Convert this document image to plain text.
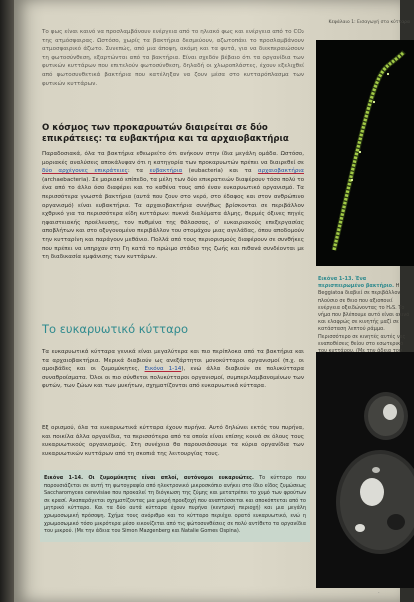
Κεφάλαιο 1: Εισαγωγή στα κύτταρα
Το φως είναι καινό να προσλαμβάνουν ενέργεια από το ηλιακό φως και ενέργεια από το CO₂ της ατμόσφαιρας. Ωστόσο, χωρίς τα βακτήρια δεσμεύουν, αζωτοπάει το προσλαμβάνουν ατμοσφαιρικό άζωτο. Συνεπώς, από μια άποψη, ακόμη και τα φυτά, για να διεκπεραιώσουν τη φωτοσύνθεση, εξαρτώνται από τα βακτήρια. Είναι σχεδόν βέβαιο ότι τα οργανίδια των φυτικών κυττάρων που επιτελούν φωτοσύνθεση, δηλαδή οι χλωροπλάστες, έχουν εξελιχθεί από φωτοσυνθετικά βακτήρια που κατέληξαν να ζουν μέσα στο κυτταρόπλασμα των φυτικών κυττάρων.
Ο κόσμος των προκαρυωτών διαιρείται σε δύο επικράτειες: τα ευβακτήρια και τα αρχαιοβακτήρια
Παραδοσιακά, όλα τα βακτήρια εθεωρείτο ότι ανήκουν στην ίδια μεγάλη ομάδα. Ωστόσο, μοριακές αναλύσεις αποκάλυψαν ότι η κατηγορία των προκαρυωτών πρέπει να διαιρεθεί σε δύο αρχέγονες επικράτειες: τα ευβακτήρια (eubacteria) και τα αρχαιοβακτήρια (archaebacteria). Σε μοριακό επίπεδο, τα μέλη των δύο επικρατειών διαφέρουν τόσο πολύ το ένα από το άλλο όσο διαφέρει και το καθένα τους από έναν ευκαρυωτικό οργανισμό. Τα περισσότερα γνωστά βακτήρια (αυτά που ζουν στο νερό, στο έδαφος και στον ανθρώπινο οργανισμό) είναι ευβακτήρια. Τα αρχαιοβακτήρια συνήθως βρίσκονται σε περιβάλλον εχθρικό για τα περισσότερα είδη κυττάρων: πυκνά διαλύματα άλμης, θερμές όξινες πηγές ηφαιστειακής προέλευσης, τον πυθμένα της θάλασσας, ο' ευκαιριακούς επεξεργασίας αποβλήτων και στο οξυγονομένο περιβάλλον του στομάχου μιας αγελάδας, όπου αποδομούν την κυτταρίνη και παράγουν μεθάνιο. Πολλά από τους περιορισμούς διαφέρουν σε συνθήκες που πρέπει να υπηρχαν στη Γη κατά το πρώιμο στάδιο της ζωής και πιθανά συνδέονται με τη διαδικασία εμφάνισης των κυττάρων.
Το ευκαρυωτικό κύτταρο
Τα ευκαρυωτικά κύτταρα γενικά είναι μεγαλύτερα και πιο περίπλοκα από τα βακτήρια και τα αρχαιοβακτήρια. Μερικά διαβιούν ως ανεξάρτητοι μονοκύτταροι οργανισμοί (π.χ. οι αμοιβάδες και οι ζυμομύκητες, Εικόνα 1-14), ενώ άλλα διαβιούν σε πολυκύτταρα συναθροίσματα. Όλοι οι πιο σύνθετοι πολυκύτταροι οργανισμοί, συμπεριλαμβανομένων των φυτών, των ζώων και των μυκήτων, σχηματίζονται από ευκαρυωτικά κύτταρα.
Εξ ορισμού, όλα τα ευκαρυωτικά κύτταρα έχουν πυρήνα. Αυτό δηλώνει εκτός του πυρήνα, και ποικίλα άλλα οργανίδια, τα περισσότερα από τα οποία είναι επίσης κοινά σε όλους τους ευκαρυωτικούς οργανισμούς. Στη συνέχεια θα παρουσιάσουμε τα κύρια οργανίδια των ευκαρυωτικών κυττάρων από τη σκοπιά της λειτουργίας τους.
Εικόνα 1-14. Οι ζυμομύκητες είναι απλοί, αυτόνομοι ευκαρυώτες. Το κύτταρο που παρουσιάζεται σε αυτή τη φωτογραφία από ηλεκτρονικό μικροσκόπιο ανήκει στο ίδιο είδος ζυμώσεως Saccharomyces cerevisiae που προκαλεί τη διόγκωση της ζύμης και μετατρέπει το χυμό των φρούτων σε κρασί. Αναπαράγεται σχηματίζοντας μια μικρή προεξοχή που αναπτύσσεται και αποκόπτεται από το μητρικό κύτταρο. Και τα δύο αυτά κύτταρα έχουν πυρήνα (κεντρική περιοχή) και μια μεγάλη χρωμοσωμική πρόσοψη. Σχήμα τους ανόριθμο και το κύτταρο περιέχει ορατό ευκαρυωτικό, ενώ η χρωμοσωμικό τόσο μικρότερα μέσο εικονίζεται από τις φώτοσυνθέσεις σε πολύ αντίθετο τα οργανίδια του μικρού. (Με την άδεια του Simon Mazgenberg και Natalie Gomes Ospina).
Εικόνα 1-13. Ένα περισπειρωμένο βακτήριο. Η Beggiatoa διαβιεί σε περιβάλλον πλούσιο σε θειο που αξιοποιεί ενέργεια οξειδώνοντας το H₂S. Το νήμα που βλέπουμε αυτό είναι ακινό και ελαφρώς σε κινητής μαζί σε κατάσταση λεπτού ράμμα. Περισσότερο σε κινητές αυτές νες εναποθέσεις θείου στο εσωτερικό
‐
